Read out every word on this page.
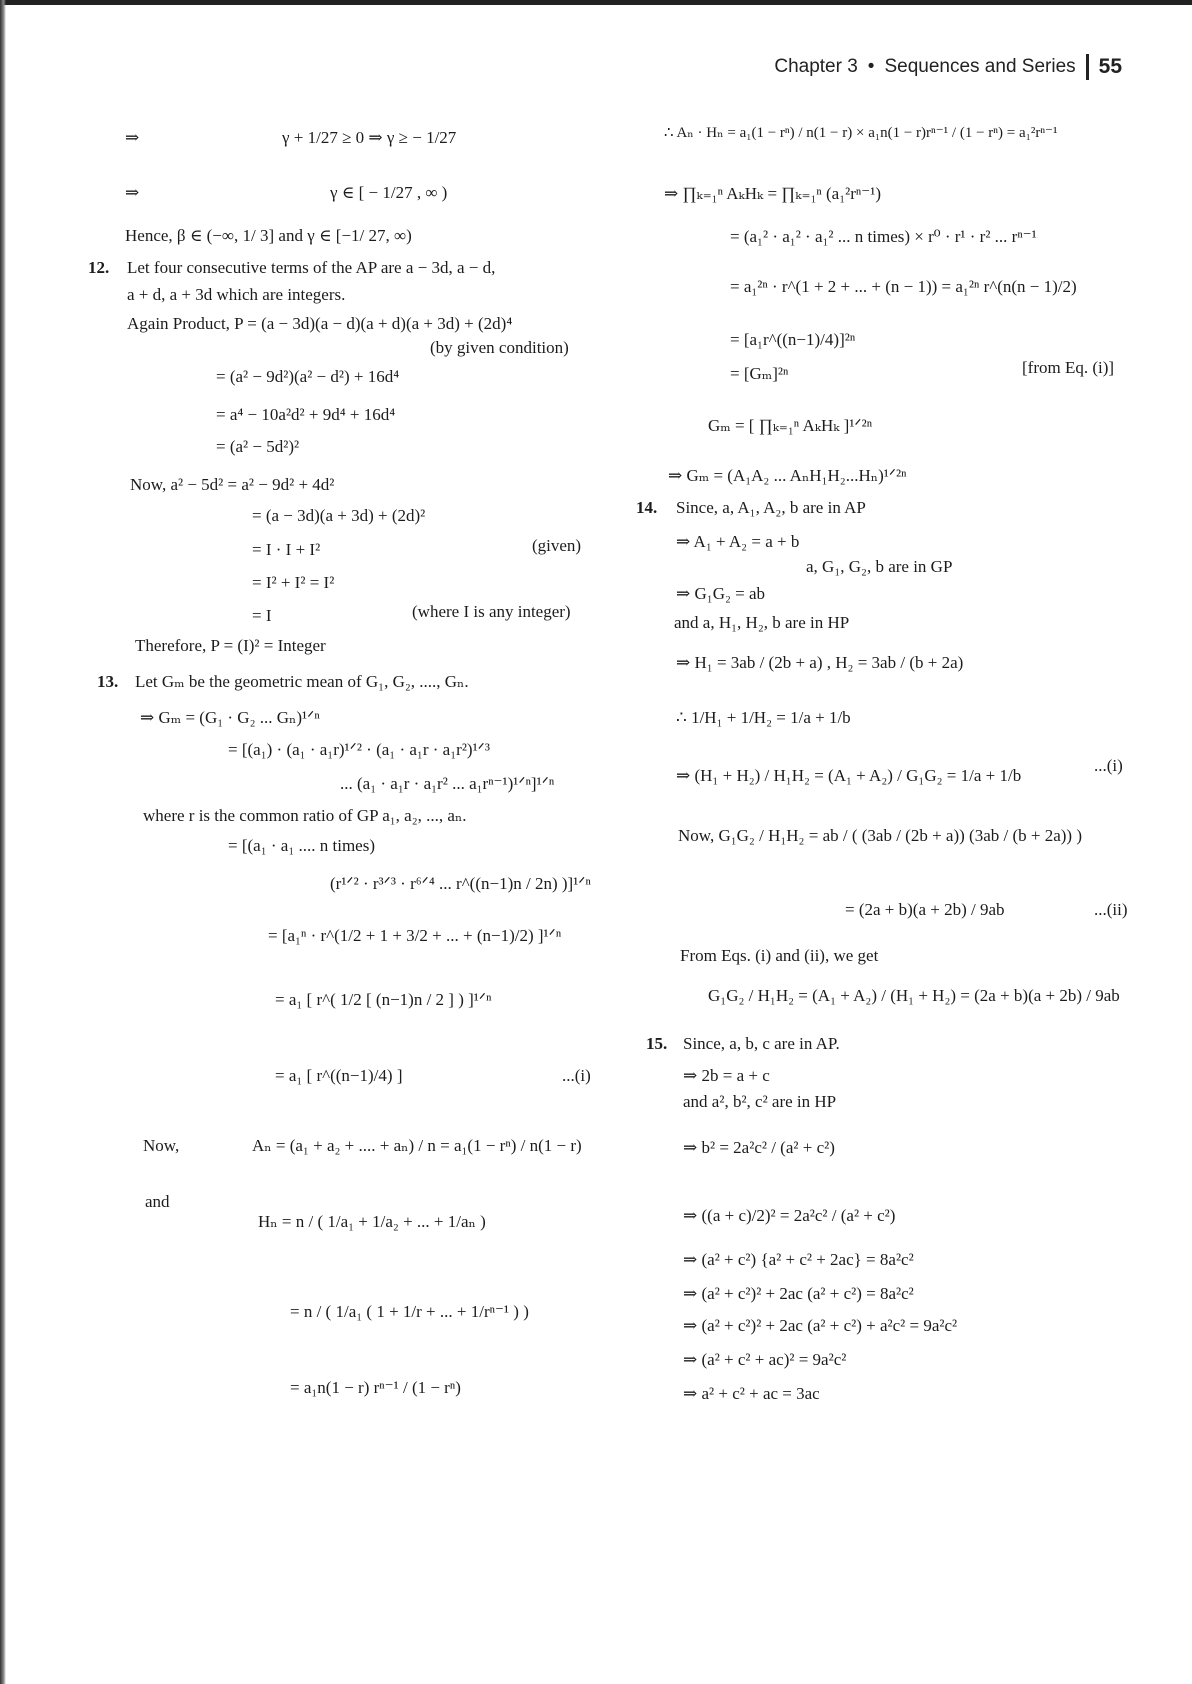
Chapter 3 • Sequences and Series 55
⇒	γ + 1/27 ≥ 0 ⇒ γ ≥ − 1/27
⇒	γ ∈ [ − 1/27 , ∞ )
Hence, β ∈ (−∞, 1/ 3] and γ ∈ [−1/ 27, ∞)
12. Let four consecutive terms of the AP are a − 3d, a − d,
a + d, a + 3d which are integers.
Again Product, P = (a − 3d)(a − d)(a + d)(a + 3d) + (2d)⁴
(by given condition)
= (a² − 9d²)(a² − d²) + 16d⁴
= a⁴ − 10a²d² + 9d⁴ + 16d⁴
= (a² − 5d²)²
Now, a² − 5d² = a² − 9d² + 4d²
= (a − 3d)(a + 3d) + (2d)²
= I · I + I²	(given)
= I² + I² = I²
= I	(where I is any integer)
Therefore, P = (I)² = Integer
13. Let Gₘ be the geometric mean of G₁, G₂, ...., Gₙ.
⇒ Gₘ = (G₁ · G₂ ... Gₙ)¹ᐟⁿ
= [(a₁) · (a₁ · a₁r)¹ᐟ² · (a₁ · a₁r · a₁r²)¹ᐟ³
... (a₁ · a₁r · a₁r² ... a₁rⁿ⁻¹)¹ᐟⁿ]¹ᐟⁿ
where r is the common ratio of GP a₁, a₂, ..., aₙ.
= [(a₁ · a₁ .... n times)
(r¹ᐟ² · r³ᐟ³ · r⁶ᐟ⁴ ... r^((n−1)n / 2n) )]¹ᐟⁿ
= [a₁ⁿ · r^(1/2 + 1 + 3/2 + ... + (n−1)/2) ]¹ᐟⁿ
= a₁ [ r^( 1/2 [ (n−1)n / 2 ] ) ]¹ᐟⁿ
= a₁ [ r^((n−1)/4) ]	...(i)
Now,	Aₙ = (a₁ + a₂ + .... + aₙ) / n = a₁(1 − rⁿ) / n(1 − r)
and
Hₙ = n / ( 1/a₁ + 1/a₂ + ... + 1/aₙ )
= n / ( 1/a₁ ( 1 + 1/r + ... + 1/rⁿ⁻¹ ) )
= a₁n(1 − r) rⁿ⁻¹ / (1 − rⁿ)
∴ Aₙ · Hₙ = a₁(1 − rⁿ) / n(1 − r) × a₁n(1 − r)rⁿ⁻¹ / (1 − rⁿ) = a₁²rⁿ⁻¹
⇒ ∏ₖ₌₁ⁿ AₖHₖ = ∏ₖ₌₁ⁿ (a₁²rⁿ⁻¹)
= (a₁² · a₁² · a₁² ... n times) × r⁰ · r¹ · r² ... rⁿ⁻¹
= a₁²ⁿ · r^(1 + 2 + ... + (n − 1)) = a₁²ⁿ r^(n(n − 1)/2)
= [a₁r^((n−1)/4)]²ⁿ
= [Gₘ]²ⁿ	[from Eq. (i)]
Gₘ = [ ∏ₖ₌₁ⁿ AₖHₖ ]¹ᐟ²ⁿ
⇒ Gₘ = (A₁A₂ ... AₙH₁H₂...Hₙ)¹ᐟ²ⁿ
14. Since, a, A₁, A₂, b are in AP
⇒ A₁ + A₂ = a + b
a, G₁, G₂, b are in GP
⇒ G₁G₂ = ab
and a, H₁, H₂, b are in HP
⇒ H₁ = 3ab / (2b + a) , H₂ = 3ab / (b + 2a)
∴ 1/H₁ + 1/H₂ = 1/a + 1/b
⇒ (H₁ + H₂) / H₁H₂ = (A₁ + A₂) / G₁G₂ = 1/a + 1/b
...(i)
Now, G₁G₂ / H₁H₂ = ab / ( (3ab / (2b + a)) (3ab / (b + 2a)) )
= (2a + b)(a + 2b) / 9ab	...(ii)
From Eqs. (i) and (ii), we get
G₁G₂ / H₁H₂ = (A₁ + A₂) / (H₁ + H₂) = (2a + b)(a + 2b) / 9ab
15. Since, a, b, c are in AP.
⇒ 2b = a + c
and a², b², c² are in HP
⇒ b² = 2a²c² / (a² + c²)
⇒ ((a + c)/2)² = 2a²c² / (a² + c²)
⇒ (a² + c²) {a² + c² + 2ac} = 8a²c²
⇒ (a² + c²)² + 2ac (a² + c²) = 8a²c²
⇒ (a² + c²)² + 2ac (a² + c²) + a²c² = 9a²c²
⇒ (a² + c² + ac)² = 9a²c²
⇒ a² + c² + ac = 3ac
